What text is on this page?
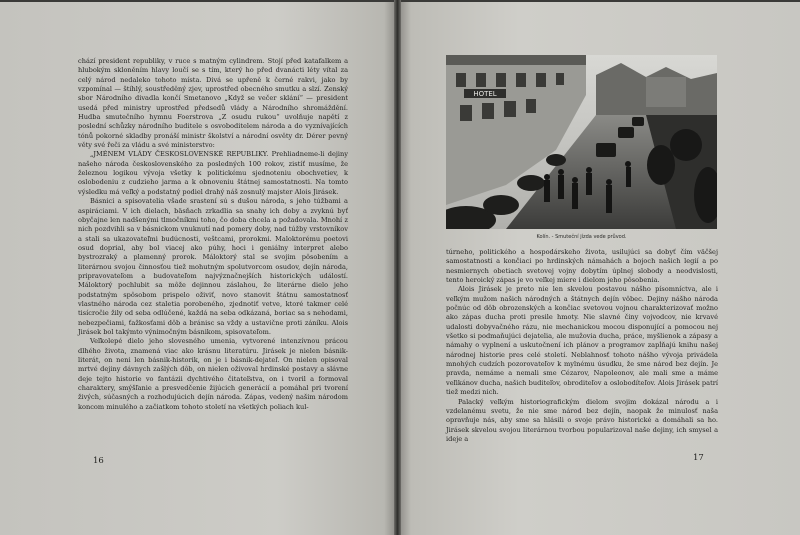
chází president republiky, v ruce s matným cylindrem. Stojí před katafalkem a hlubokým skloněním hlavy loučí se s tím, který ho před dvanácti léty vítal za celý národ nedaleko tohoto místa. Divá se upřeně k černé rakvi, jako by vzpomínal — štíhlý, soustředěný zjev, uprostřed obecného smutku a slzí. Zenský sbor Národního divadla končí Smetanovo „Když se večer sklání“ — president usedá před ministry uprostřed předsedů vlády a Národního shromáždění. Hudba smutečního hymnu Foerstrova „Z osudu rukou“ uvolňuje napětí z poslední schůzky národního buditele s osvoboditelem národa a do vyznívajících tónů pokorné skladby pronáší ministr školství a národní osvěty dr. Dérer pevný věty své řeči za vládu a své ministerstvo:

„JMÉNEM VLÁDY ČESKOSLOVENSKÉ REPUBLIKY. Prehliadneme-li dejiny našeho národa československého za posledných 100 rokov, zistíť musíme, že železnou logikou vývoja všetky k politickému sjednoteniu obochvetiev, k oslobodeniu z cudzieho jarma a k obnoveniu štátnej samostatnosti. Na tomto výsledku má veľký a podstatný podiel drahý náš zosnulý majster Alois Jirásek.

Básnici a spisovatelia všade srastení sú s dušou národa, s jeho túžbami a aspiráciami. V ich dielach, bäsňach zrkadlia sa snahy ich doby a zvyknú byť obyčajne len nadšenými tlmočníkmi toho, čo doba chcela a požadovala. Mnohí z nich pozdvihli sa v básnickom vnuknutí nad pomery doby, nad túžby vrstovníkov a stali sa ukazovateľmi budúcnosti, veštcami, prorokmi. Maloktorému poetovi osud doprial, aby bol viacej ako púhy, hoci i geniálny interpret alebo bystrozraký a plamenný prorok. Máloktorý stal se svojim pôsobením a literárnou svojou činnosťou tiež mohutným spolutvorcom osudov, dejín národa, pripravovateľom a budovateľom najvýznačnejších historických událostí. Máloktorý pochlubit sa môže dejinnou záslahou, že literárne dielo jeho podstatným spôsobom prispelo oživiť, novo stanovit štátnu samostatnosť vlastného národa cez staletia porobeného, zjednotiť vetve, ktoré takmer celé tisícročie žily od seba odlúčené, každá na seba odkázaná, boriac sa s nehodami, nebezpečiami, ťažkosťami dôb a bránisc sa vždy a ustavične proti záníku. Alois Jirásek bol takýmto výnimočným básnikom, spisovateľom.

Veľkolepé dielo jeho slovesného umenia, vytvorené intenzívnou prácou dlhého života, znamená viac ako krásnu literatúru. Jirásek je nielen básnik-literát, on neni len básnik-historik, on je i básnik-dejateľ. On nielen opisoval mrtvé dejiny dávnych zašlých dôb, on nielen oživoval hrdinské postavy a slávne deje tejto historie vo fantázii dychtivého čitateľstva, on i tvoril a formoval charaktery, smýšľanie a presvedčenie žijúcich generácií a pomáhal pri tvorení živých, súčasných a rozhodujúcich dejín národa. Zápas, vedený našim národom koncom minulého a začiatkom tohoto století na všetkých poliach kul-

16
HOTEL
Kolín. - Smuteční jízda vede průvod.

túrneho, politického a hospodárskeho života, usilujúci sa dobyť čím väčšej samostatnosti a končiaci po hrdinských námahách a bojoch našich legií a po nesmiernych obetiach svetovej vojny dobytím úplnej slobody a neodvislosti, tento heroický zápas je vo veľkej miere i dielom jeho pôsobenia.

Alois Jirásek je preto nie len skvelou postavou nášho písomníctva, ale i veľkým mužom našich národných a štátnych dejín vôbec. Dejiny nášho národa počnúc od dôb obrozenských a končiac svetovou vojnou charakterizovať možno ako zápas ducha proti presile hmoty. Nie slavné činy vojvodcov, nie krvavé udalosti dobyvačného rázu, nie mechanickou mocou disponující a pomocou nej všetko si podmaňujúci dejatelia, ale mužovia ducha, práce, myšlienok a zápasy a námahy o vyplnení a uskutočnení ich plánov a programov zapĺňajú knihu našej národnej historie pres celé století. Neblahnosť tohoto nášho vývoja privádela mnohých cudzích pozorovateľov k mylnému úsudku, že sme národ bez dejín. Je pravda, nemáme a nemali sme Cézarov, Napoleonov, ale mali sme a máme veľikánov ducha, našich buditeľov, obroditeľov a oslobodíteľov. Alois Jirásek patrí tiež medzi nich.

Palacký veľkým historiografickým dielom svojim dokázal národu a i vzdelanému svetu, že nie sme národ bez dejín, naopak že minulosť naša opravňuje nás, aby sme sa hlásili o svoje právo historické a domáhali sa ho. Jirásek skvelou svojou literárnou tvorbou popularizoval naše dejiny, ich smysel a ideje a

17
